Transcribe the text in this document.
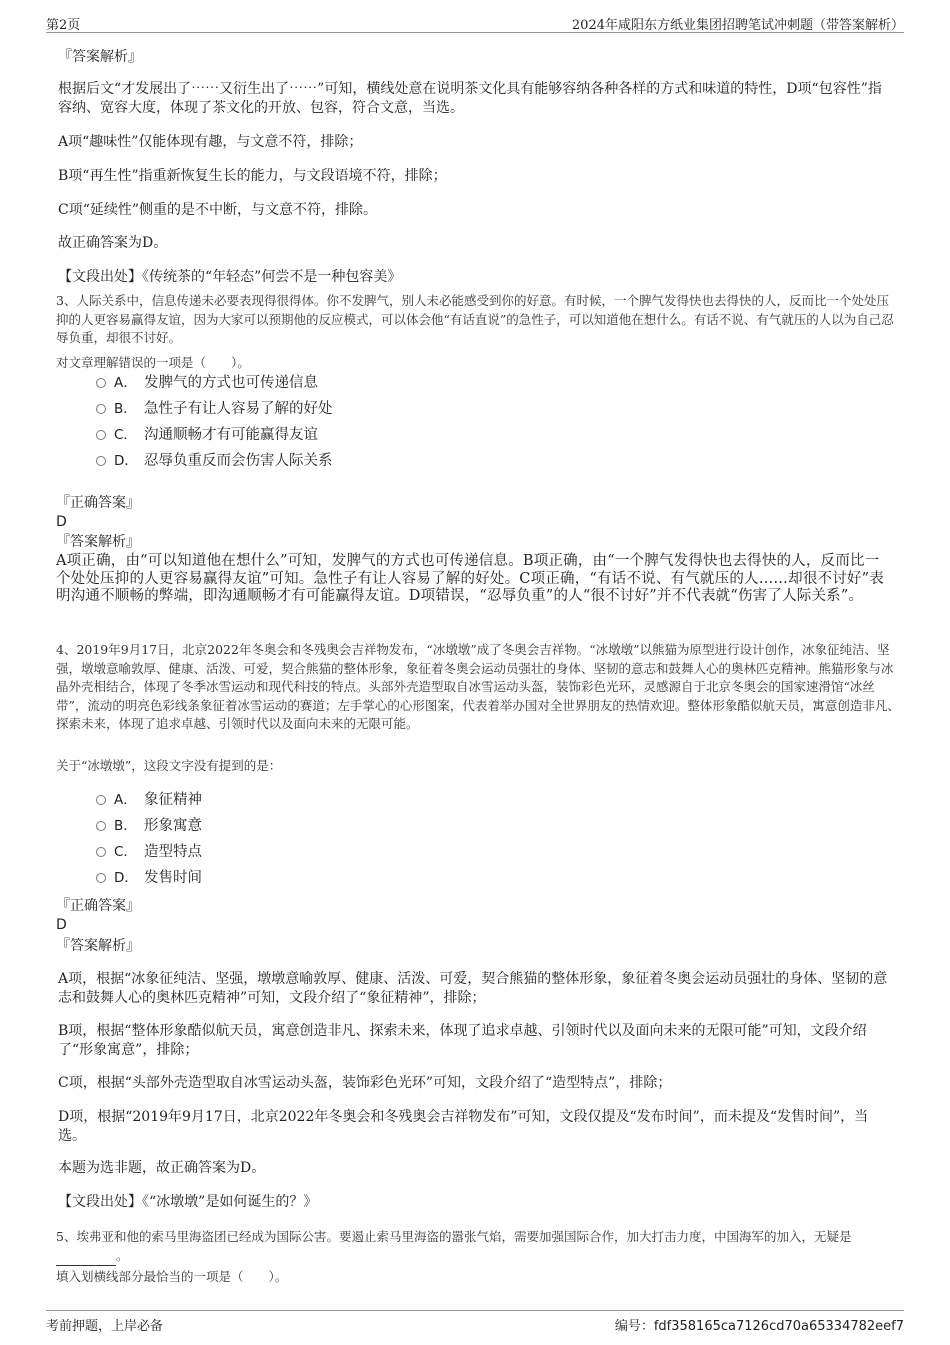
第2页	2024年咸阳东方纸业集团招聘笔试冲刺题（带答案解析）

『答案解析』

根据后文“才发展出了⋯⋯又衍生出了⋯⋯”可知，横线处意在说明茶文化具有能够容纳各种各样的方式和味道的特性，D项“包容性”指容纳、宽容大度，体现了茶文化的开放、包容，符合文意，当选。

A项“趣味性”仅能体现有趣，与文意不符，排除；

B项“再生性”指重新恢复生长的能力，与文段语境不符，排除；

C项“延续性”侧重的是不中断，与文意不符，排除。

故正确答案为D。

【文段出处】《传统茶的“年轻态”何尝不是一种包容美》

3、人际关系中，信息传递未必要表现得很得体。你不发脾气，别人未必能感受到你的好意。有时候，一个脾气发得快也去得快的人，反而比一个处处压抑的人更容易赢得友谊，因为大家可以预期他的反应模式，可以体会他“有话直说”的急性子，可以知道他在想什么。有话不说、有气就压的人以为自己忍辱负重，却很不讨好。

对文章理解错误的一项是（　　）。

A． 发脾气的方式也可传递信息
B． 急性子有让人容易了解的好处
C． 沟通顺畅才有可能赢得友谊
D． 忍辱负重反而会伤害人际关系
『正确答案』
D
『答案解析』

A项正确，由“可以知道他在想什么”可知，发脾气的方式也可传递信息。B项正确，由“一个脾气发得快也去得快的人，反而比一个处处压抑的人更容易赢得友谊”可知。急性子有让人容易了解的好处。C项正确，“有话不说、有气就压的人……却很不讨好”表明沟通不顺畅的弊端，即沟通顺畅才有可能赢得友谊。D项错误，“忍辱负重”的人“很不讨好”并不代表就“伤害了人际关系”。

4、2019年9月17日，北京2022年冬奥会和冬残奥会吉祥物发布，“冰墩墩”成了冬奥会吉祥物。“冰墩墩”以熊猫为原型进行设计创作，冰象征纯洁、坚强，墩墩意喻敦厚、健康、活泼、可爱，契合熊猫的整体形象，象征着冬奥会运动员强壮的身体、坚韧的意志和鼓舞人心的奥林匹克精神。熊猫形象与冰晶外壳相结合，体现了冬季冰雪运动和现代科技的特点。头部外壳造型取自冰雪运动头盔，装饰彩色光环，灵感源自于北京冬奥会的国家速滑馆“冰丝带”，流动的明亮色彩线条象征着冰雪运动的赛道；左手掌心的心形图案，代表着举办国对全世界朋友的热情欢迎。整体形象酷似航天员，寓意创造非凡、探索未来，体现了追求卓越、引领时代以及面向未来的无限可能。

关于“冰墩墩”，这段文字没有提到的是：

A． 象征精神
B． 形象寓意
C． 造型特点
D． 发售时间
『正确答案』
D
『答案解析』

A项，根据“冰象征纯洁、坚强，墩墩意喻敦厚、健康、活泼、可爱，契合熊猫的整体形象，象征着冬奥会运动员强壮的身体、坚韧的意志和鼓舞人心的奥林匹克精神”可知，文段介绍了“象征精神”，排除；

B项，根据“整体形象酷似航天员，寓意创造非凡、探索未来，体现了追求卓越、引领时代以及面向未来的无限可能”可知，文段介绍了“形象寓意”，排除；

C项，根据“头部外壳造型取自冰雪运动头盔，装饰彩色光环”可知，文段介绍了“造型特点”，排除；

D项，根据“2019年9月17日，北京2022年冬奥会和冬残奥会吉祥物发布”可知，文段仅提及“发布时间”，而未提及“发售时间”，当选。

本题为选非题，故正确答案为D。

【文段出处】《“冰墩墩”是如何诞生的？》

5、埃弗亚和他的索马里海盗团已经成为国际公害。要遏止索马里海盗的嚣张气焰，需要加强国际合作，加大打击力度，中国海军的加入，无疑是。

填入划横线部分最恰当的一项是（　　）。

考前押题，上岸必备	编号：fdf358165ca7126cd70a65334782eef7
